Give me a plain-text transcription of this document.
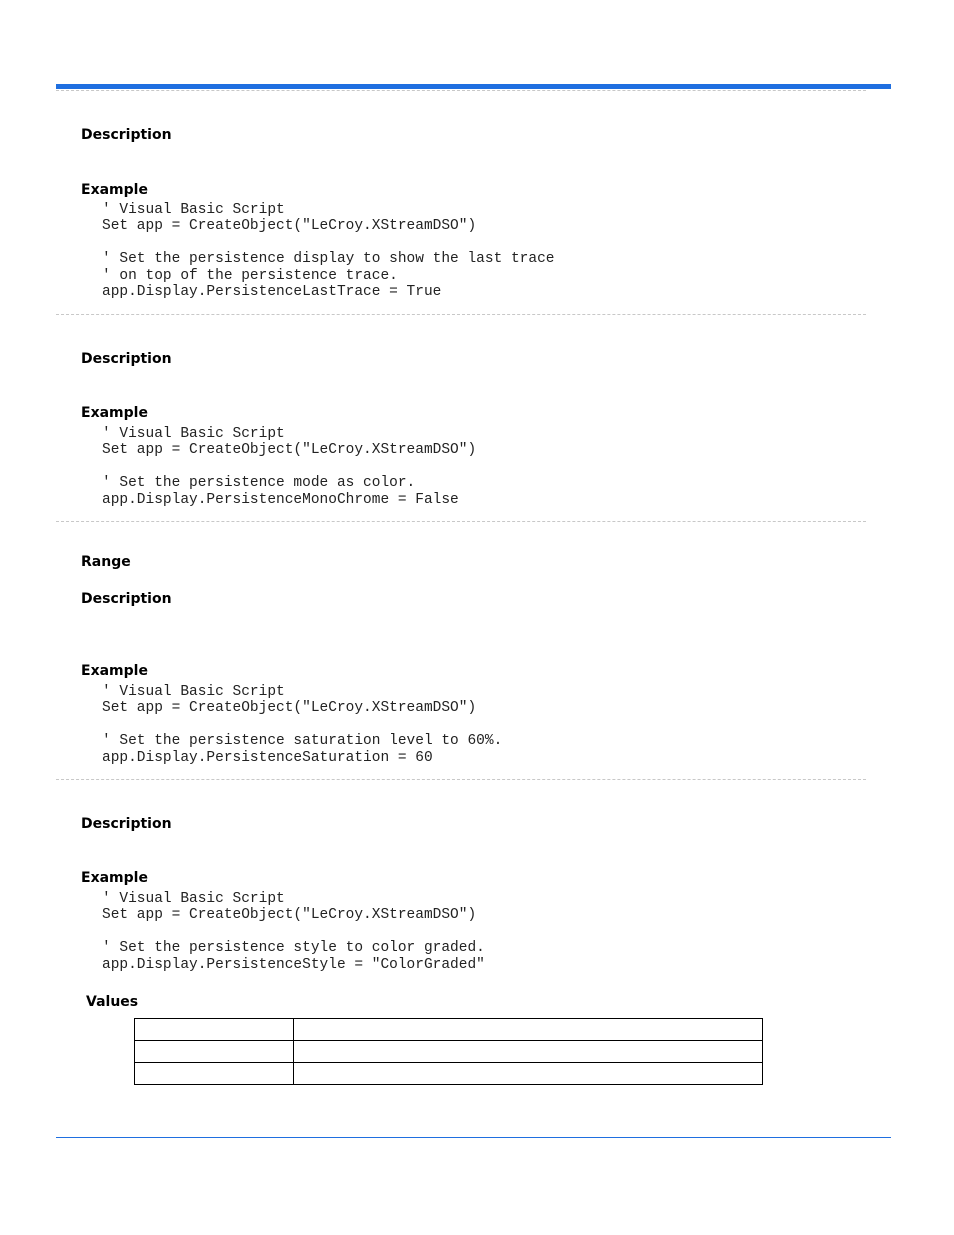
Description
Example
' Visual Basic Script
Set app = CreateObject("LeCroy.XStreamDSO")

' Set the persistence display to show the last trace
' on top of the persistence trace.
app.Display.PersistenceLastTrace = True
Description
Example
' Visual Basic Script
Set app = CreateObject("LeCroy.XStreamDSO")

' Set the persistence mode as color.
app.Display.PersistenceMonoChrome = False
Range
Description
Example
' Visual Basic Script
Set app = CreateObject("LeCroy.XStreamDSO")

' Set the persistence saturation level to 60%.
app.Display.PersistenceSaturation = 60
Description
Example
' Visual Basic Script
Set app = CreateObject("LeCroy.XStreamDSO")

' Set the persistence style to color graded.
app.Display.PersistenceStyle = "ColorGraded"
Values
